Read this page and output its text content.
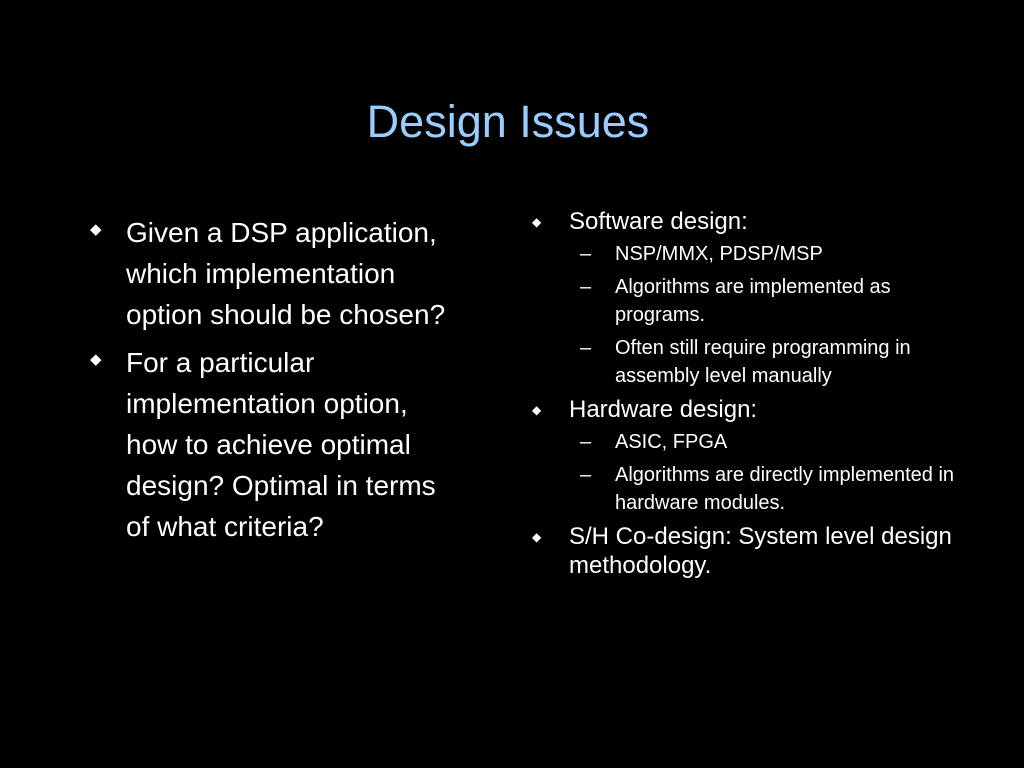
Design Issues
◆ Given a DSP application, which implementation option should be chosen?
◆ For a particular implementation option, how to achieve optimal design? Optimal in terms of what criteria?
◆ Software design:
– NSP/MMX, PDSP/MSP
– Algorithms are implemented as programs.
– Often still require programming in assembly level manually
◆ Hardware design:
– ASIC, FPGA
– Algorithms are directly implemented in hardware modules.
◆ S/H Co-design: System level design methodology.
